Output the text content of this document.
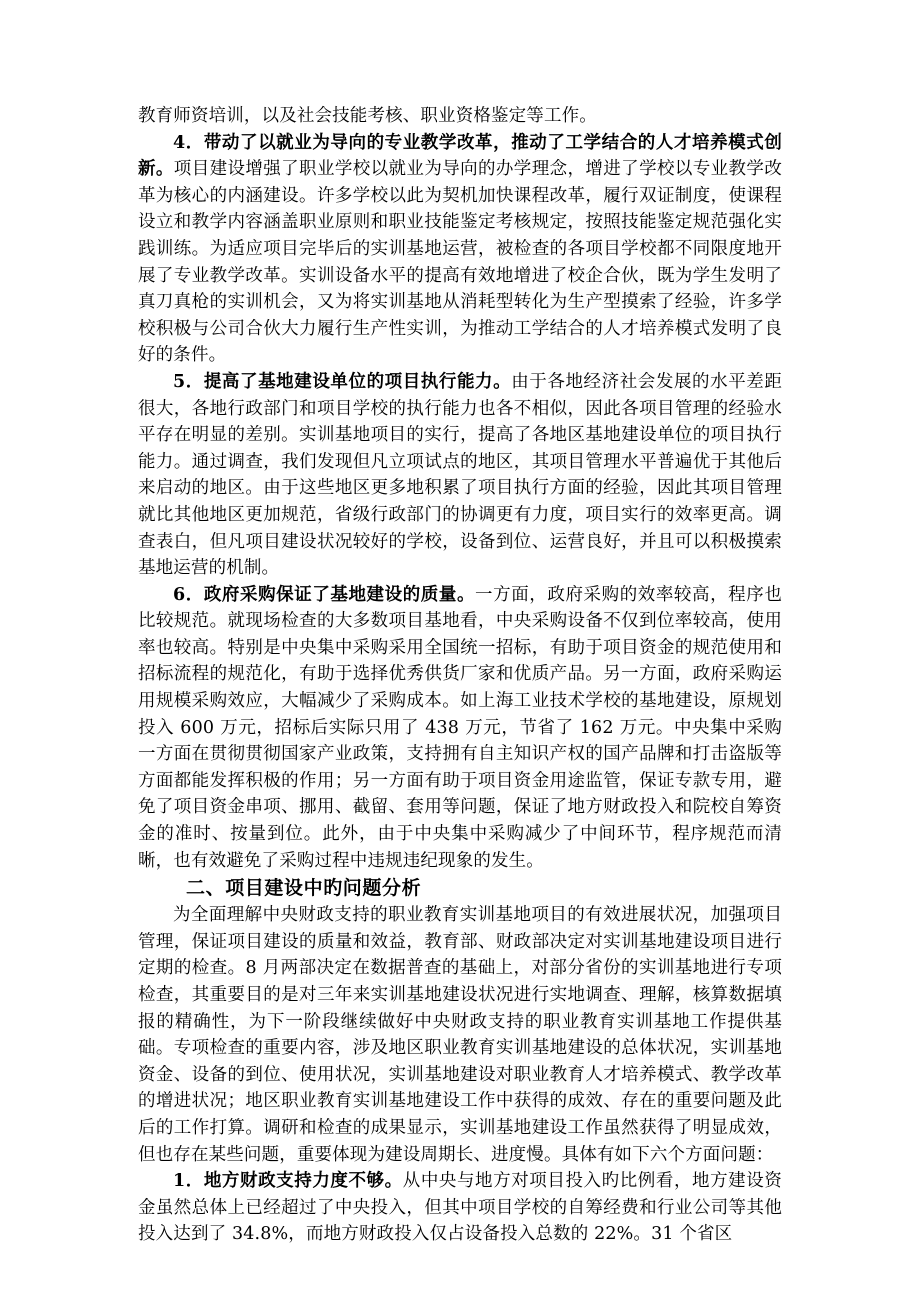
教育师资培训，以及社会技能考核、职业资格鉴定等工作。

4．带动了以就业为导向的专业教学改革，推动了工学结合的人才培养模式创新。项目建设增强了职业学校以就业为导向的办学理念，增进了学校以专业教学改革为核心的内涵建设。许多学校以此为契机加快课程改革，履行双证制度，使课程设立和教学内容涵盖职业原则和职业技能鉴定考核规定，按照技能鉴定规范强化实践训练。为适应项目完毕后的实训基地运营，被检查的各项目学校都不同限度地开展了专业教学改革。实训设备水平的提高有效地增进了校企合伙，既为学生发明了真刀真枪的实训机会，又为将实训基地从消耗型转化为生产型摸索了经验，许多学校积极与公司合伙大力履行生产性实训，为推动工学结合的人才培养模式发明了良好的条件。

5．提高了基地建设单位的项目执行能力。由于各地经济社会发展的水平差距很大，各地行政部门和项目学校的执行能力也各不相似，因此各项目管理的经验水平存在明显的差别。实训基地项目的实行，提高了各地区基地建设单位的项目执行能力。通过调查，我们发现但凡立项试点的地区，其项目管理水平普遍优于其他后来启动的地区。由于这些地区更多地积累了项目执行方面的经验，因此其项目管理就比其他地区更加规范，省级行政部门的协调更有力度，项目实行的效率更高。调查表白，但凡项目建设状况较好的学校，设备到位、运营良好，并且可以积极摸索基地运营的机制。

6．政府采购保证了基地建设的质量。一方面，政府采购的效率较高，程序也比较规范。就现场检查的大多数项目基地看，中央采购设备不仅到位率较高，使用率也较高。特别是中央集中采购采用全国统一招标，有助于项目资金的规范使用和招标流程的规范化，有助于选择优秀供货厂家和优质产品。另一方面，政府采购运用规模采购效应，大幅减少了采购成本。如上海工业技术学校的基地建设，原规划投入 600 万元，招标后实际只用了 438 万元，节省了 162 万元。中央集中采购一方面在贯彻贯彻国家产业政策，支持拥有自主知识产权的国产品牌和打击盗版等方面都能发挥积极的作用；另一方面有助于项目资金用途监管，保证专款专用，避免了项目资金串项、挪用、截留、套用等问题，保证了地方财政投入和院校自筹资金的准时、按量到位。此外，由于中央集中采购减少了中间环节，程序规范而清晰，也有效避免了采购过程中违规违纪现象的发生。

二、项目建设中旳问题分析

为全面理解中央财政支持的职业教育实训基地项目的有效进展状况，加强项目管理，保证项目建设的质量和效益，教育部、财政部决定对实训基地建设项目进行定期的检查。8 月两部决定在数据普查的基础上，对部分省份的实训基地进行专项检查，其重要目的是对三年来实训基地建设状况进行实地调查、理解，核算数据填报的精确性，为下一阶段继续做好中央财政支持的职业教育实训基地工作提供基础。专项检查的重要内容，涉及地区职业教育实训基地建设的总体状况，实训基地资金、设备的到位、使用状况，实训基地建设对职业教育人才培养模式、教学改革的增进状况；地区职业教育实训基地建设工作中获得的成效、存在的重要问题及此后的工作打算。调研和检查的成果显示，实训基地建设工作虽然获得了明显成效，但也存在某些问题，重要体现为建设周期长、进度慢。具体有如下六个方面问题：

1．地方财政支持力度不够。从中央与地方对项目投入旳比例看，地方建设资金虽然总体上已经超过了中央投入，但其中项目学校的自筹经费和行业公司等其他投入达到了 34.8%，而地方财政投入仅占设备投入总数的 22%。31 个省区
